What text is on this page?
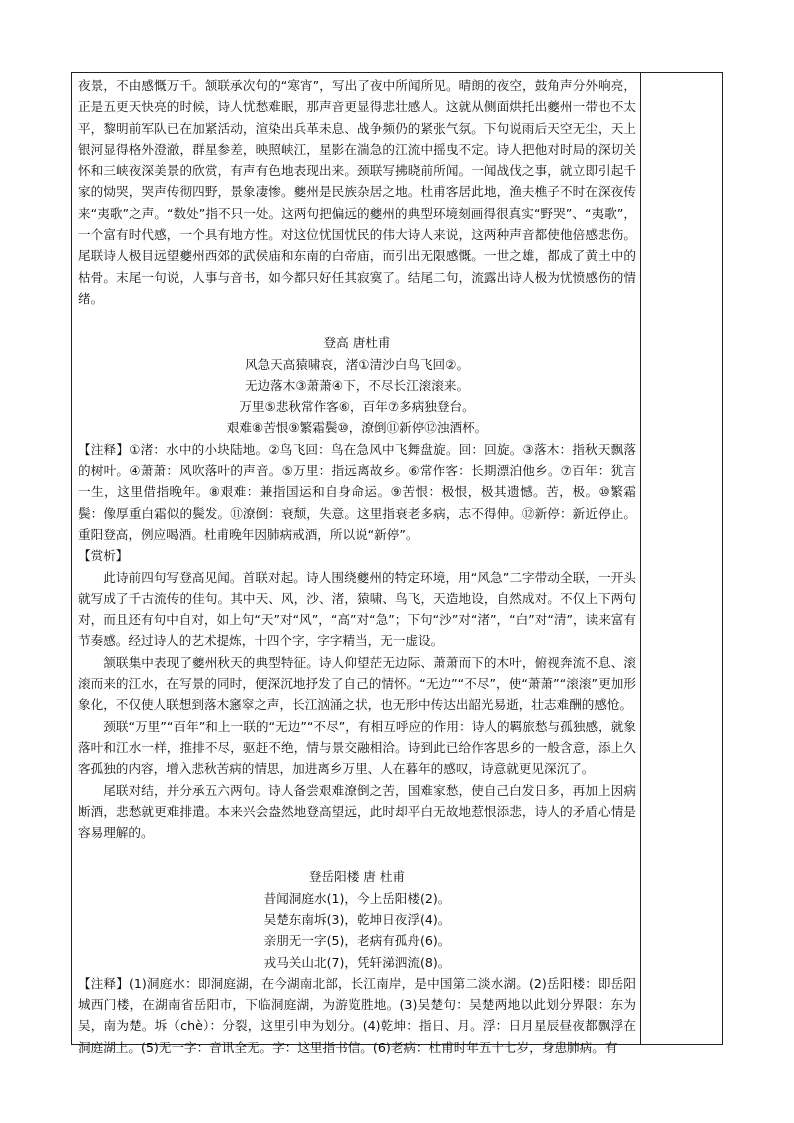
夜景，不由感慨万千。颔联承次句的“寒宵”，写出了夜中所闻所见。晴朗的夜空，鼓角声分外响亮，正是五更天快亮的时候，诗人忧愁难眠，那声音更显得悲壮感人。这就从侧面烘托出夔州一带也不太平，黎明前军队已在加紧活动，渲染出兵革未息、战争频仍的紧张气氛。下句说雨后天空无尘，天上银河显得格外澄澈，群星参差，映照峡江，星影在湍急的江流中摇曳不定。诗人把他对时局的深切关怀和三峡夜深美景的欣赏，有声有色地表现出来。颈联写拂晓前所闻。一闻战伐之事，就立即引起千家的恸哭，哭声传彻四野，景象凄惨。夔州是民族杂居之地。杜甫客居此地，渔夫樵子不时在深夜传来“夷歌”之声。“数处”指不只一处。这两句把偏远的夔州的典型环境刻画得很真实“野哭”、“夷歌”，一个富有时代感，一个具有地方性。对这位忧国忧民的伟大诗人来说，这两种声音都使他倍感悲伤。尾联诗人极目远望夔州西郊的武侯庙和东南的白帝庙，而引出无限感慨。一世之雄，都成了黄土中的枯骨。末尾一句说，人事与音书，如今都只好任其寂寞了。结尾二句，流露出诗人极为忧愤感伤的情绪。

登高 唐杜甫

风急天高猿啸哀，渚①清沙白鸟飞回②。

无边落木③萧萧④下，不尽长江滚滚来。

万里⑤悲秋常作客⑥，百年⑦多病独登台。

艰难⑧苦恨⑨繁霜鬓⑩，潦倒⑪新停⑫浊酒杯。

【注释】①渚：水中的小块陆地。②鸟飞回：鸟在急风中飞舞盘旋。回：回旋。③落木：指秋天飘落的树叶。④萧萧：风吹落叶的声音。⑤万里：指远离故乡。⑥常作客：长期漂泊他乡。⑦百年：犹言一生，这里借指晚年。⑧艰难：兼指国运和自身命运。⑨苦恨：极恨，极其遗憾。苦，极。⑩繁霜鬓：像厚重白霜似的鬓发。⑪潦倒：衰颓，失意。这里指衰老多病，志不得伸。⑫新停：新近停止。重阳登高，例应喝酒。杜甫晚年因肺病戒酒，所以说“新停”。

【赏析】

此诗前四句写登高见闻。首联对起。诗人围绕夔州的特定环境，用“风急”二字带动全联，一开头就写成了千古流传的佳句。其中天、风，沙、渚，猿啸、鸟飞，天造地设，自然成对。不仅上下两句对，而且还有句中自对，如上句“天”对“风”，“高”对“急”；下句“沙”对“渚”，“白”对“清”，读来富有节奏感。经过诗人的艺术提炼，十四个字，字字精当，无一虚设。

颔联集中表现了夔州秋天的典型特征。诗人仰望茫无边际、萧萧而下的木叶，俯视奔流不息、滚滚而来的江水，在写景的同时，便深沉地抒发了自己的情怀。“无边”“不尽”，使“萧萧”“滚滚”更加形象化，不仅使人联想到落木窸窣之声，长江汹涌之状，也无形中传达出韶光易逝，壮志难酬的感怆。

颈联“万里”“百年”和上一联的“无边”“不尽”，有相互呼应的作用：诗人的羁旅愁与孤独感，就象落叶和江水一样，推排不尽，驱赶不绝，情与景交融相洽。诗到此已给作客思乡的一般含意，添上久客孤独的内容，增入悲秋苦病的情思，加进离乡万里、人在暮年的感叹，诗意就更见深沉了。

尾联对结，并分承五六两句。诗人备尝艰难潦倒之苦，国难家愁，使自己白发日多，再加上因病断酒，悲愁就更难排遣。本来兴会盎然地登高望远，此时却平白无故地惹恨添悲，诗人的矛盾心情是容易理解的。

登岳阳楼 唐 杜甫

昔闻洞庭水(1)，今上岳阳楼(2)。

吴楚东南坼(3)，乾坤日夜浮(4)。

亲朋无一字(5)，老病有孤舟(6)。

戎马关山北(7)，凭轩涕泗流(8)。

【注释】(1)洞庭水：即洞庭湖，在今湖南北部，长江南岸，是中国第二淡水湖。(2)岳阳楼：即岳阳城西门楼，在湖南省岳阳市，下临洞庭湖，为游览胜地。(3)吴楚句：吴楚两地以此划分界限：东为吴，南为楚。坼（chè）：分裂，这里引申为划分。(4)乾坤：指日、月。浮：日月星辰昼夜都飘浮在洞庭湖上。(5)无一字：音讯全无。字：这里指书信。(6)老病：杜甫时年五十七岁，身患肺病。有
